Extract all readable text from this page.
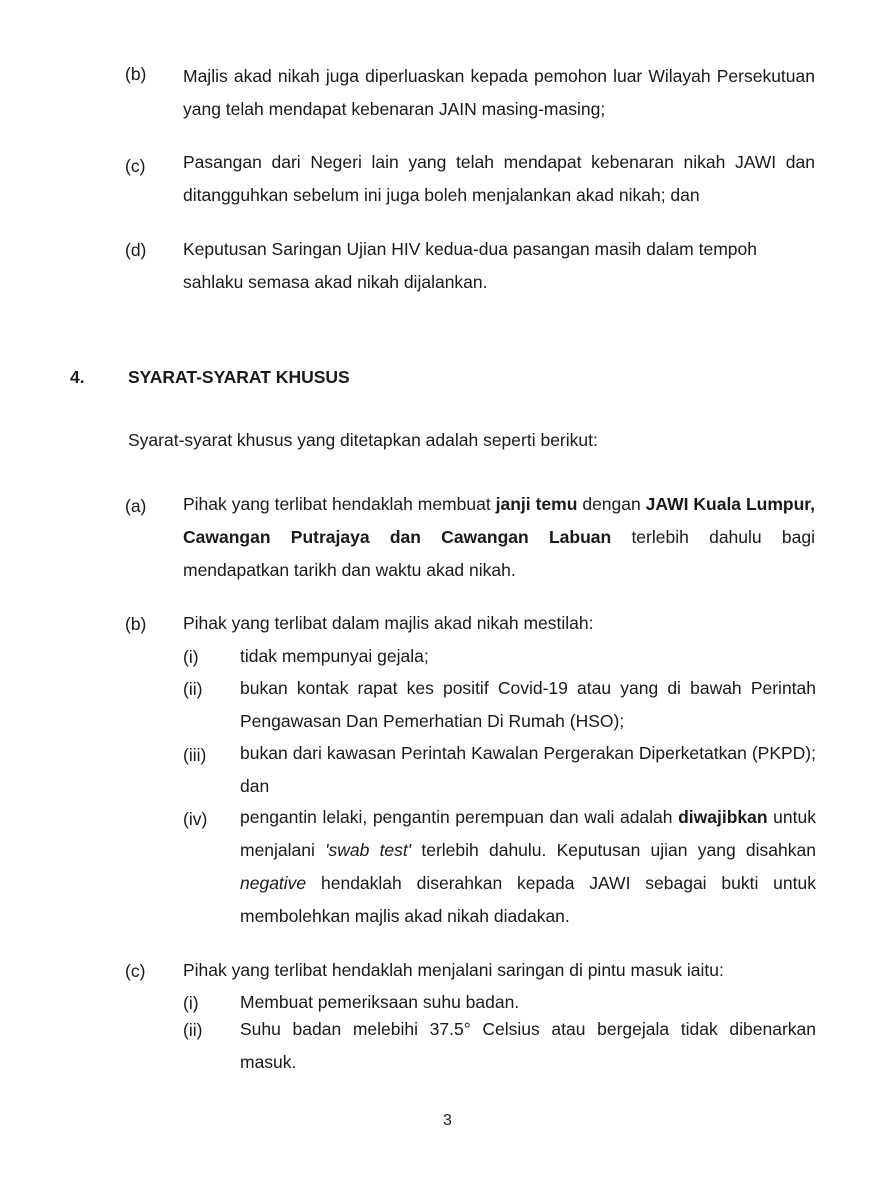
(b) Majlis akad nikah juga diperluaskan kepada pemohon luar Wilayah Persekutuan yang telah mendapat kebenaran JAIN masing-masing;
(c) Pasangan dari Negeri lain yang telah mendapat kebenaran nikah JAWI dan ditangguhkan sebelum ini juga boleh menjalankan akad nikah; dan
(d) Keputusan Saringan Ujian HIV kedua-dua pasangan masih dalam tempoh sahlaku semasa akad nikah dijalankan.
4. SYARAT-SYARAT KHUSUS
Syarat-syarat khusus yang ditetapkan adalah seperti berikut:
(a) Pihak yang terlibat hendaklah membuat janji temu dengan JAWI Kuala Lumpur, Cawangan Putrajaya dan Cawangan Labuan terlebih dahulu bagi mendapatkan tarikh dan waktu akad nikah.
(b) Pihak yang terlibat dalam majlis akad nikah mestilah:
(i) tidak mempunyai gejala;
(ii) bukan kontak rapat kes positif Covid-19 atau yang di bawah Perintah Pengawasan Dan Pemerhatian Di Rumah (HSO);
(iii) bukan dari kawasan Perintah Kawalan Pergerakan Diperketatkan (PKPD); dan
(iv) pengantin lelaki, pengantin perempuan dan wali adalah diwajibkan untuk menjalani 'swab test' terlebih dahulu. Keputusan ujian yang disahkan negative hendaklah diserahkan kepada JAWI sebagai bukti untuk membolehkan majlis akad nikah diadakan.
(c) Pihak yang terlibat hendaklah menjalani saringan di pintu masuk iaitu:
(i) Membuat pemeriksaan suhu badan.
(ii) Suhu badan melebihi 37.5° Celsius atau bergejala tidak dibenarkan masuk.
3
